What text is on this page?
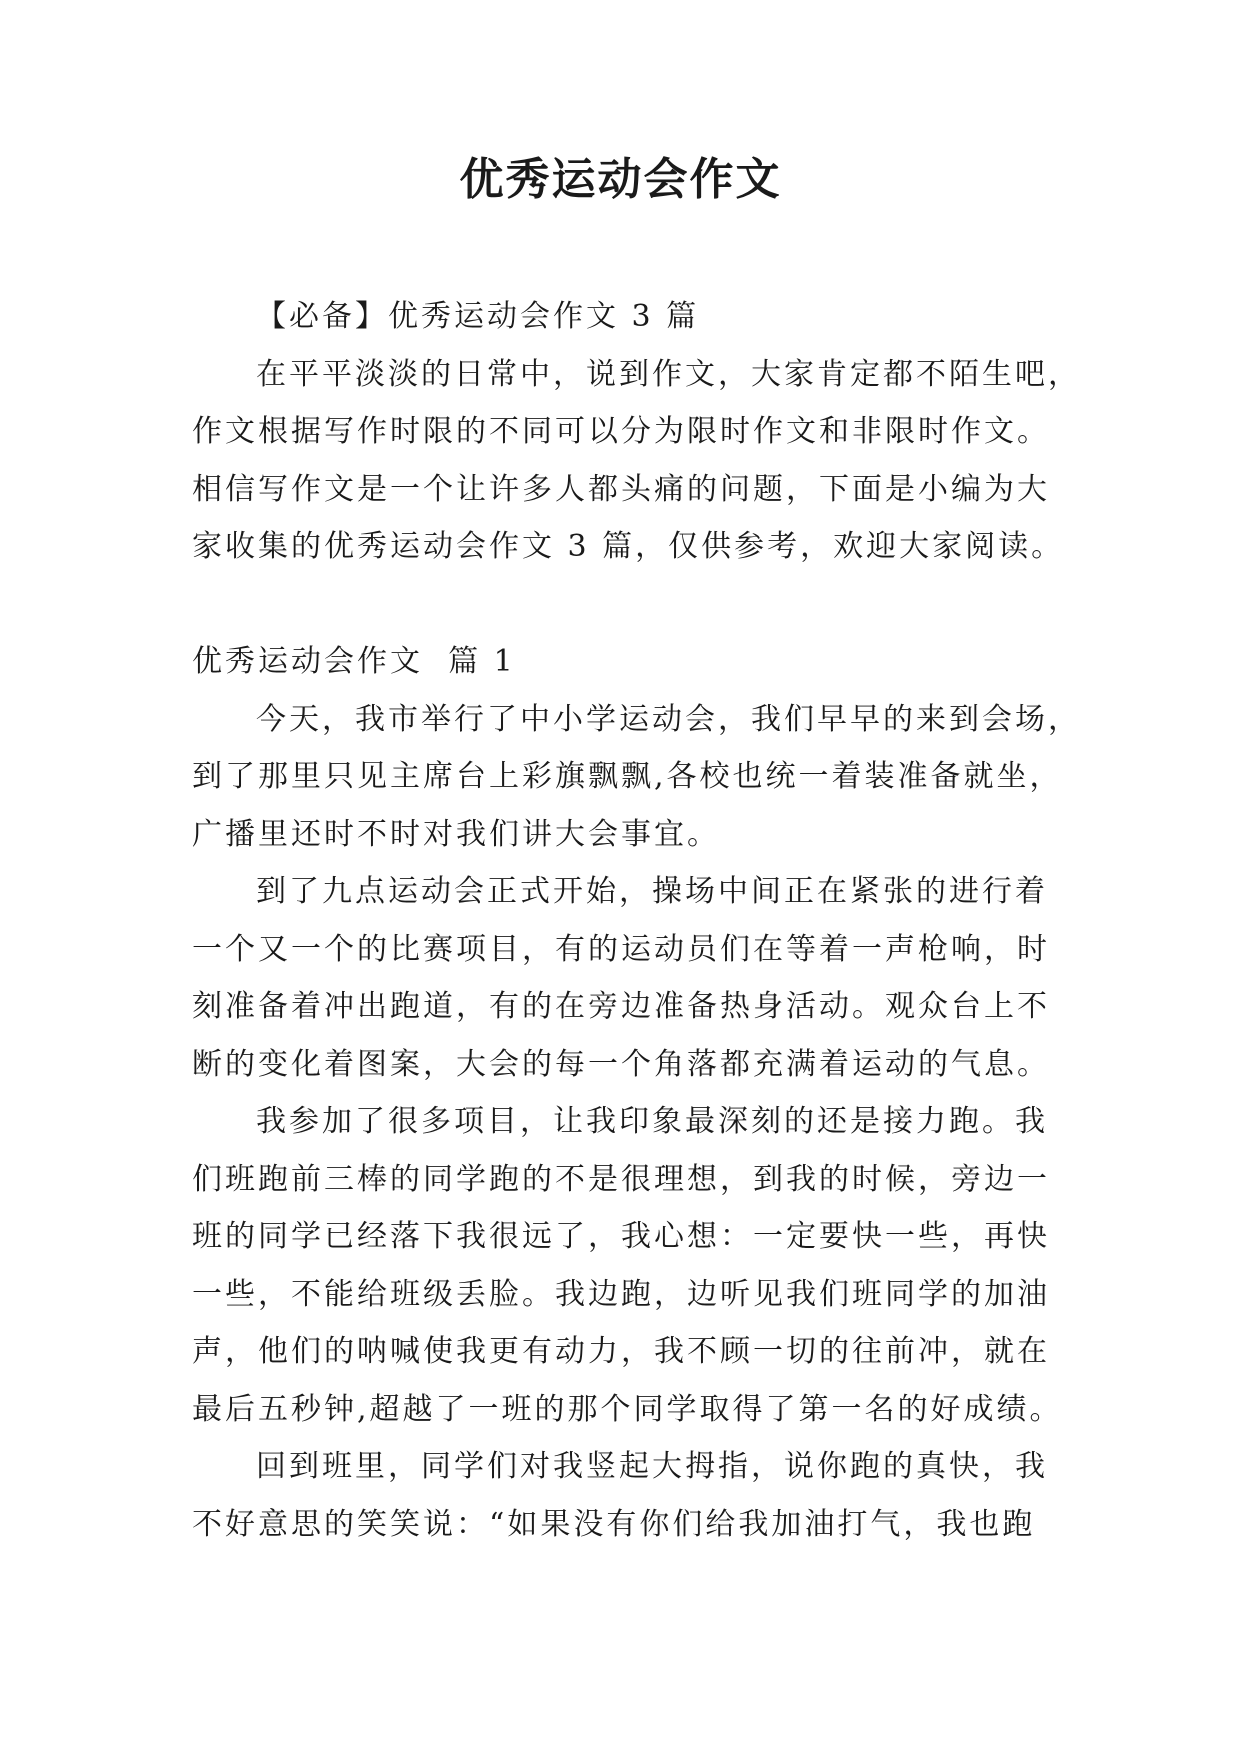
优秀运动会作文
【必备】优秀运动会作文 3 篇
在平平淡淡的日常中，说到作文，大家肯定都不陌生吧，
作文根据写作时限的不同可以分为限时作文和非限时作文。
相信写作文是一个让许多人都头痛的问题，下面是小编为大
家收集的优秀运动会作文 3 篇，仅供参考，欢迎大家阅读。
优秀运动会作文  篇 1
今天，我市举行了中小学运动会，我们早早的来到会场，
到了那里只见主席台上彩旗飘飘,各校也统一着装准备就坐，
广播里还时不时对我们讲大会事宜。
到了九点运动会正式开始，操场中间正在紧张的进行着
一个又一个的比赛项目，有的运动员们在等着一声枪响，时
刻准备着冲出跑道，有的在旁边准备热身活动。观众台上不
断的变化着图案，大会的每一个角落都充满着运动的气息。
我参加了很多项目，让我印象最深刻的还是接力跑。我
们班跑前三棒的同学跑的不是很理想，到我的时候，旁边一
班的同学已经落下我很远了，我心想：一定要快一些，再快
一些，不能给班级丢脸。我边跑，边听见我们班同学的加油
声，他们的呐喊使我更有动力，我不顾一切的往前冲，就在
最后五秒钟,超越了一班的那个同学取得了第一名的好成绩。
回到班里，同学们对我竖起大拇指，说你跑的真快，我
不好意思的笑笑说：“如果没有你们给我加油打气，我也跑
